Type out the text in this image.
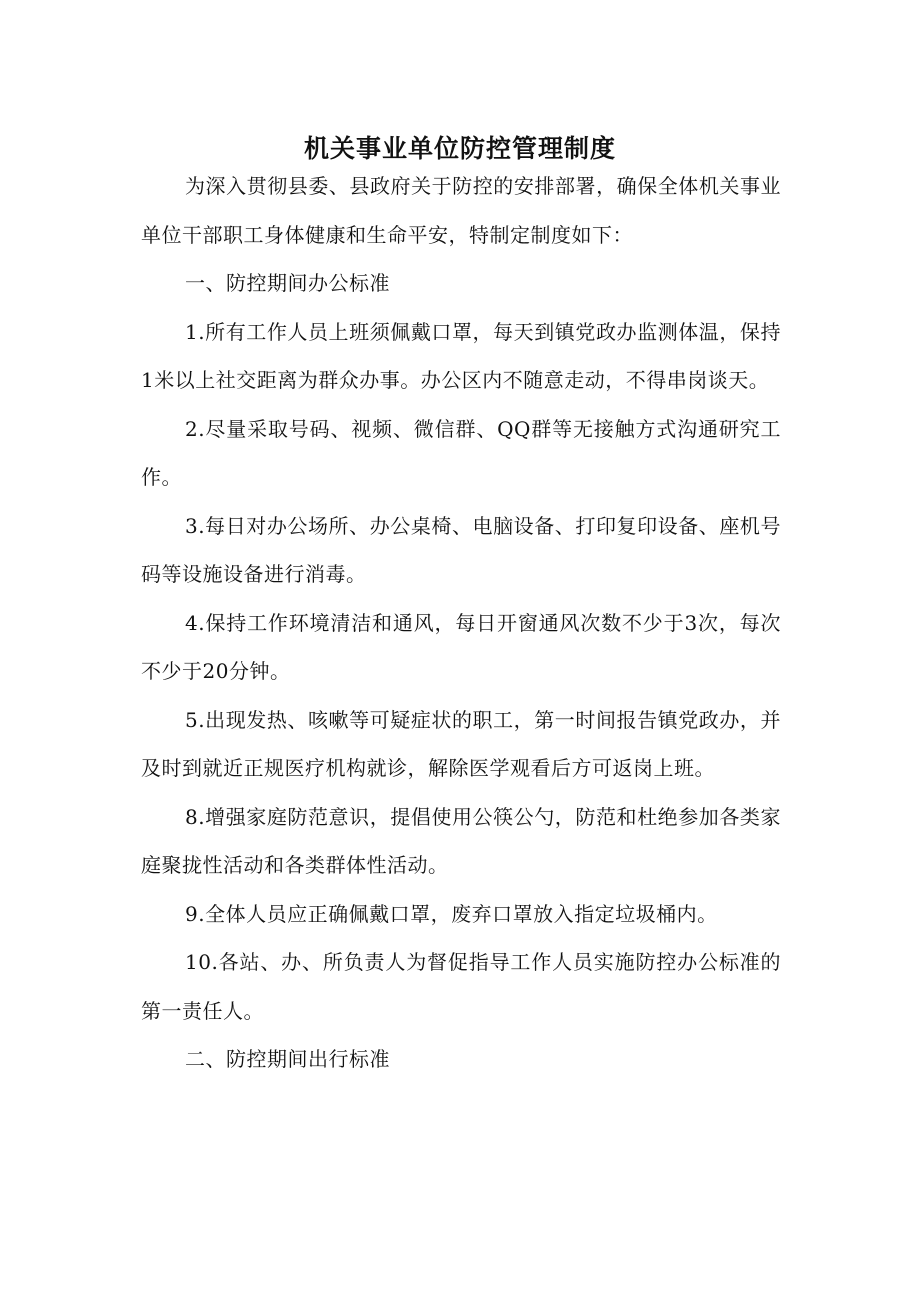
机关事业单位防控管理制度

为深入贯彻县委、县政府关于防控的安排部署，确保全体机关事业单位干部职工身体健康和生命平安，特制定制度如下：

一、防控期间办公标准

1.所有工作人员上班须佩戴口罩，每天到镇党政办监测体温，保持1米以上社交距离为群众办事。办公区内不随意走动，不得串岗谈天。

2.尽量采取号码、视频、微信群、QQ群等无接触方式沟通研究工作。

3.每日对办公场所、办公桌椅、电脑设备、打印复印设备、座机号码等设施设备进行消毒。

4.保持工作环境清洁和通风，每日开窗通风次数不少于3次，每次不少于20分钟。

5.出现发热、咳嗽等可疑症状的职工，第一时间报告镇党政办，并及时到就近正规医疗机构就诊，解除医学观看后方可返岗上班。

8.增强家庭防范意识，提倡使用公筷公勺，防范和杜绝参加各类家庭聚拢性活动和各类群体性活动。

9.全体人员应正确佩戴口罩，废弃口罩放入指定垃圾桶内。

10.各站、办、所负责人为督促指导工作人员实施防控办公标准的第一责任人。

二、防控期间出行标准
